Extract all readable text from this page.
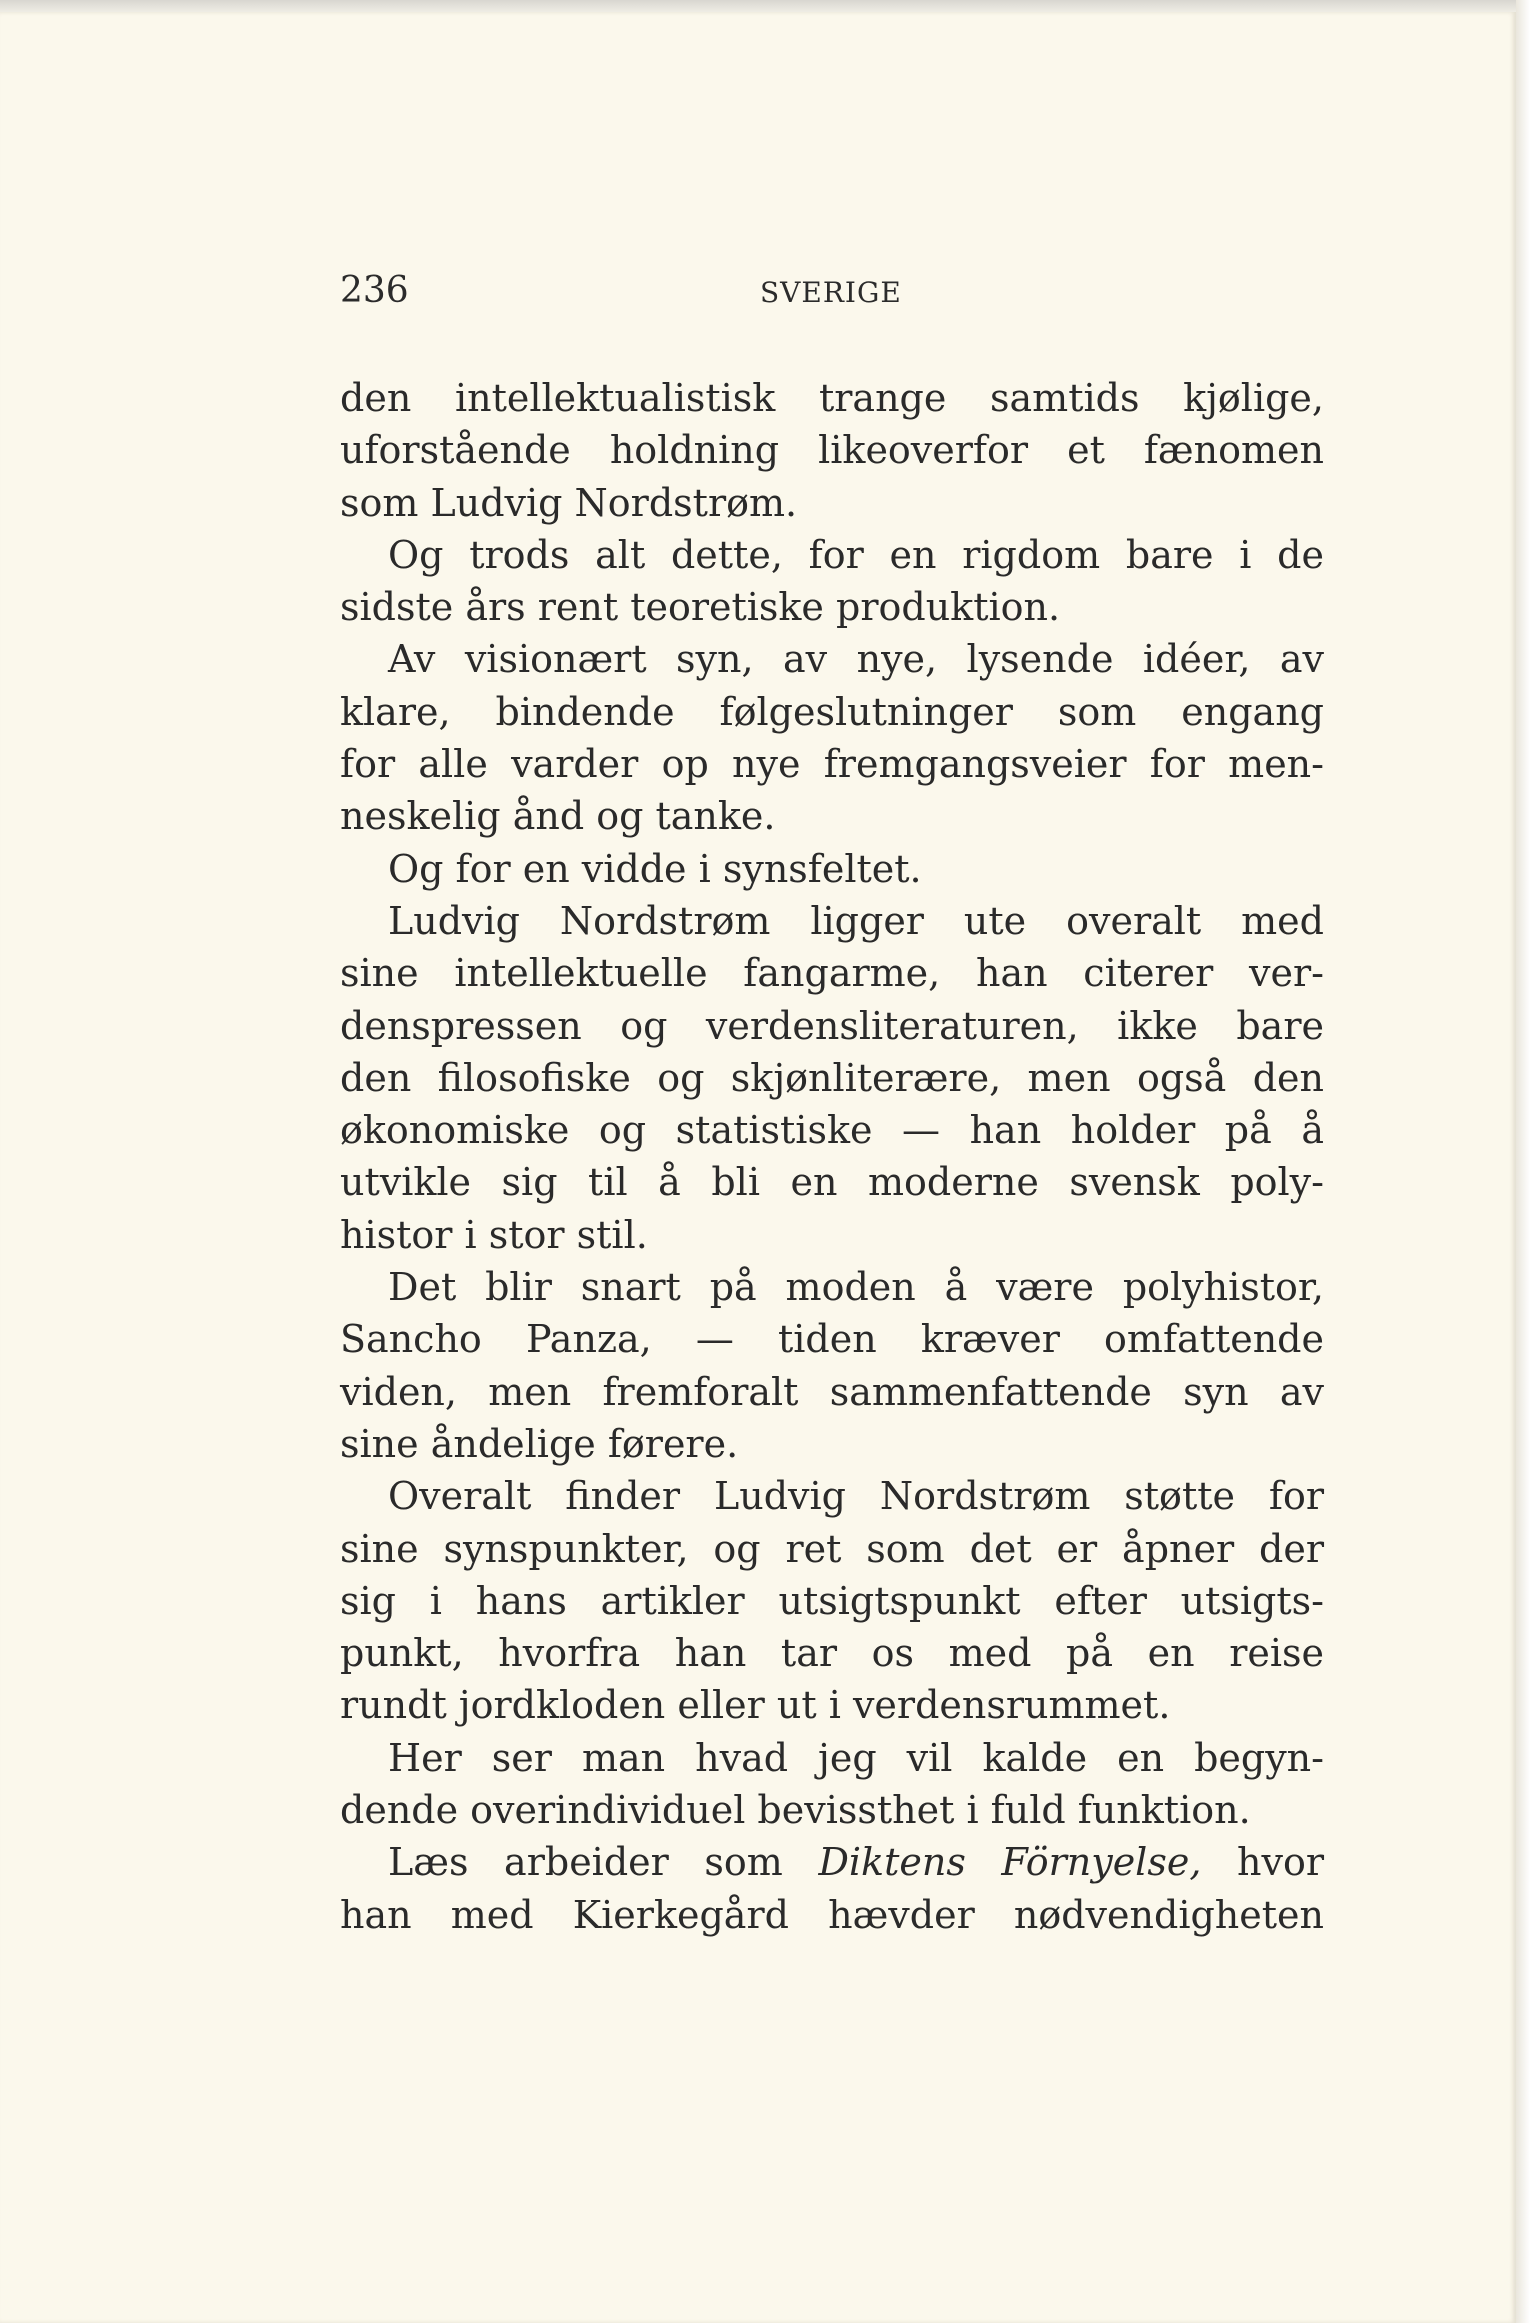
236	SVERIGE
den intellektualistisk trange samtids kjølige,
uforstående holdning likeoverfor et fænomen
som Ludvig Nordstrøm.
Og trods alt dette, for en rigdom bare i de
sidste års rent teoretiske produktion.
Av visionært syn, av nye, lysende idéer, av
klare, bindende følgeslutninger som engang
for alle varder op nye fremgangsveier for men-
neskelig ånd og tanke.
Og for en vidde i synsfeltet.
Ludvig Nordstrøm ligger ute overalt med
sine intellektuelle fangarme, han citerer ver-
denspressen og verdensliteraturen, ikke bare
den filosofiske og skjønliterære, men også den
økonomiske og statistiske — han holder på å
utvikle sig til å bli en moderne svensk poly-
histor i stor stil.
Det blir snart på moden å være polyhistor,
Sancho Panza, — tiden kræver omfattende
viden, men fremforalt sammenfattende syn av
sine åndelige førere.
Overalt finder Ludvig Nordstrøm støtte for
sine synspunkter, og ret som det er åpner der
sig i hans artikler utsigtspunkt efter utsigts-
punkt, hvorfra han tar os med på en reise
rundt jordkloden eller ut i verdensrummet.
Her ser man hvad jeg vil kalde en begyn-
dende overindividuel bevissthet i fuld funktion.
Læs arbeider som Diktens Förnyelse, hvor
han med Kierkegård hævder nødvendigheten
